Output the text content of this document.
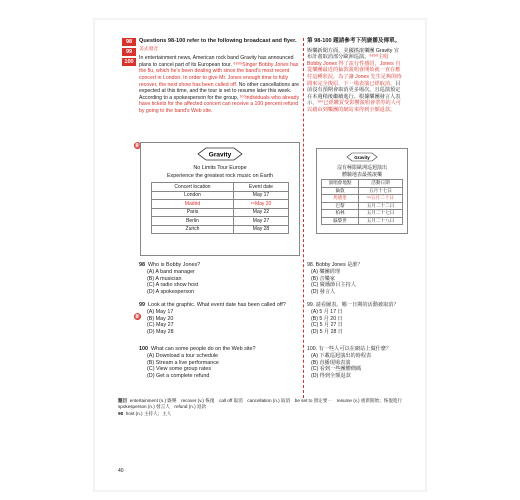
98
99
100

Questions 98-100 refer to the following broadcast and flyer.

美式發音

In entertainment news, American rock band Gravity has announced plans to cancel part of its European tour. ⁹⁸⁹⁹Singer Bobby Jones has the flu, which he's been dealing with since the band's most recent concert in London. In order to give Mr. Jones enough time to fully recover, the next show has been called off. No other cancellations are expected at this time, and the tour is set to resume later this week. According to a spokesperson for the group, ¹⁰⁰individuals who already have tickets for the affected concert can receive a 100 percent refund by going to the band's Web site.

第 98-100 題請參考下列廣播及傳單。

娛樂新聞方面，美國搖滾樂團 Gravity 宣布計畫取消部分歐洲巡演。⁹⁸⁹⁹主唱 Bobby Jones 得了流行性感冒，Jones 自從樂團最近的倫敦演唱會開始就一直在應付這種狀況。為了讓 Jones 先生足夠的時間來完全復原，下一場表演已經取消。目前沒有預期會取消更多場次，且巡演預定在本週稍後繼續進行。根據樂團發言人表示，¹⁰⁰已經購買受影響演唱會票券的人可以藉由到樂團的網站來得到全額退款。

新
Gravity
No Limits Tour Europe
Experience the greatest rock music on Earth
Concert location	Event date
London	May 17
Madrid	⁹⁹May 20
Paris	May 22
Berlin	May 27
Zurich	May 28
Gravity
沒有極限歐洲巡迴演出
體驗地表最搖滾樂
演唱會地點	活動日期
倫敦	五月十七日
馬德里	⁹⁹五月二十日
巴黎	五月二十二日
柏林	五月二十七日
蘇黎世	五月二十八日

98 Who is Bobby Jones?

(A) A band manager

(B) A musician

(C) A radio show host

(D) A spokesperson

99 Look at the graphic. What event date has been called off?

(A) May 17

(B) May 20

(C) May 27

(D) May 28

新

100 What can some people do on the Web site?

(A) Download a tour schedule

(B) Stream a live performance

(C) View some group rates

(D) Get a complete refund

98. Bobby Jones 是誰？

(A) 樂團經理

(B) 音樂家

(C) 廣播節目主持人

(D) 發言人

99. 請看圖表。哪一日期的活動被取消？

(A) 5 月 17 日

(B) 5 月 20 日

(C) 5 月 27 日

(D) 5 月 28 日

100. 有一些人可以在網站上做什麼？

(A) 下載巡迴演出的時程表

(B) 直播現場表演

(C) 看到一些團體價碼

(D) 得到全額退款

題目 entertainment (n.) 娛樂　recover (v.) 恢復　call off 取消　cancellation (n.) 取消　be set to 預定要⋯　resume (v.) 重新開始；恢復進行　spokesperson (n.) 發言人　refund (n.) 退款

98 host (n.) 主持人；主人

40
